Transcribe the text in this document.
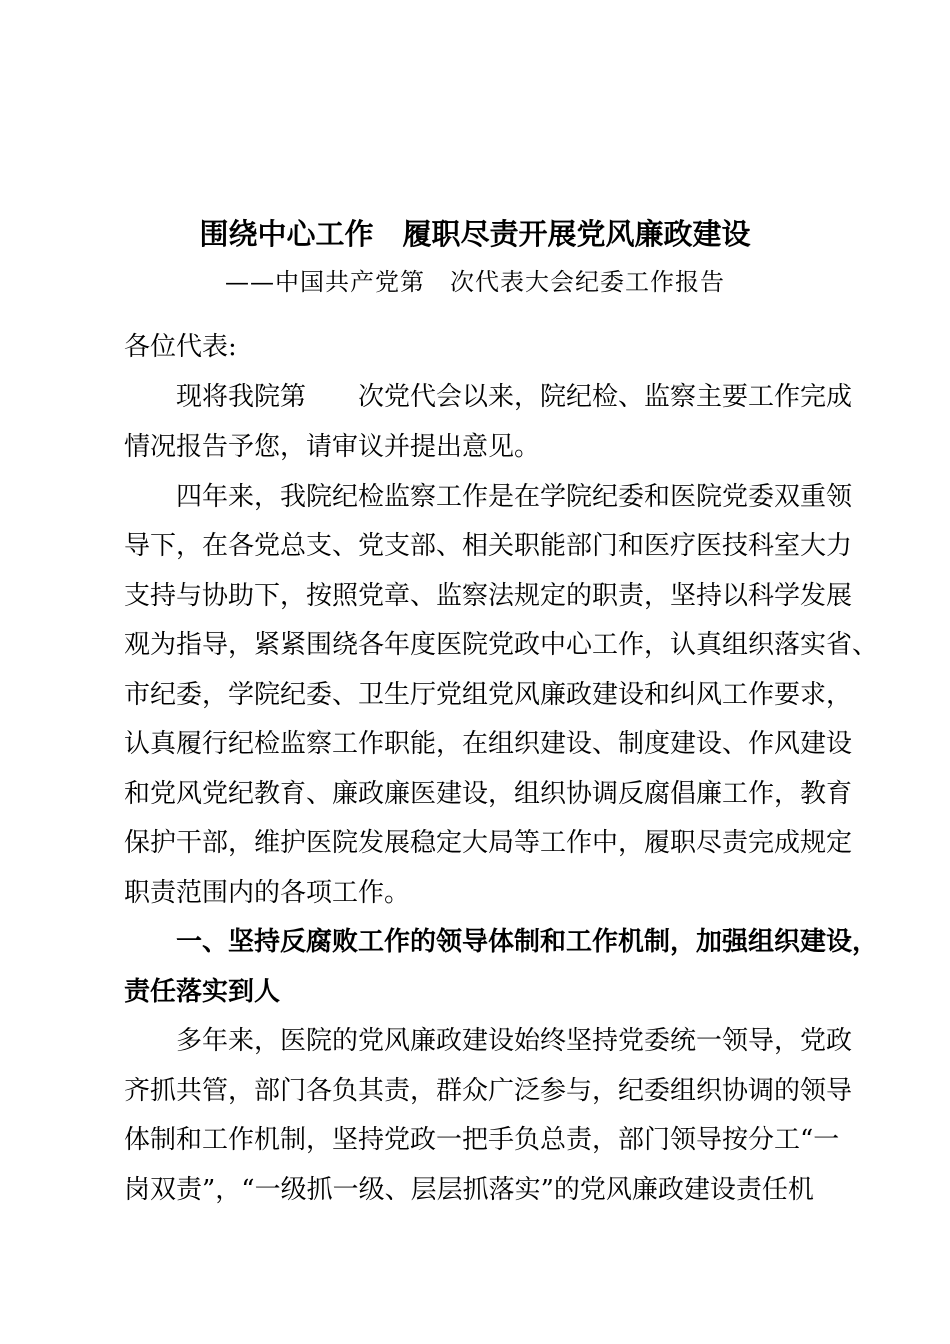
围绕中心工作　履职尽责开展党风廉政建设
——中国共产党第　次代表大会纪委工作报告
各位代表:
现将我院第　　次党代会以来，院纪检、监察主要工作完成
情况报告予您，请审议并提出意见。
四年来，我院纪检监察工作是在学院纪委和医院党委双重领
导下，在各党总支、党支部、相关职能部门和医疗医技科室大力
支持与协助下，按照党章、监察法规定的职责，坚持以科学发展
观为指导，紧紧围绕各年度医院党政中心工作，认真组织落实省、
市纪委，学院纪委、卫生厅党组党风廉政建设和纠风工作要求，
认真履行纪检监察工作职能，在组织建设、制度建设、作风建设
和党风党纪教育、廉政廉医建设，组织协调反腐倡廉工作，教育
保护干部，维护医院发展稳定大局等工作中，履职尽责完成规定
职责范围内的各项工作。
一、坚持反腐败工作的领导体制和工作机制，加强组织建设，
责任落实到人
多年来，医院的党风廉政建设始终坚持党委统一领导，党政
齐抓共管，部门各负其责，群众广泛参与，纪委组织协调的领导
体制和工作机制，坚持党政一把手负总责，部门领导按分工“一
岗双责”，“一级抓一级、层层抓落实”的党风廉政建设责任机
